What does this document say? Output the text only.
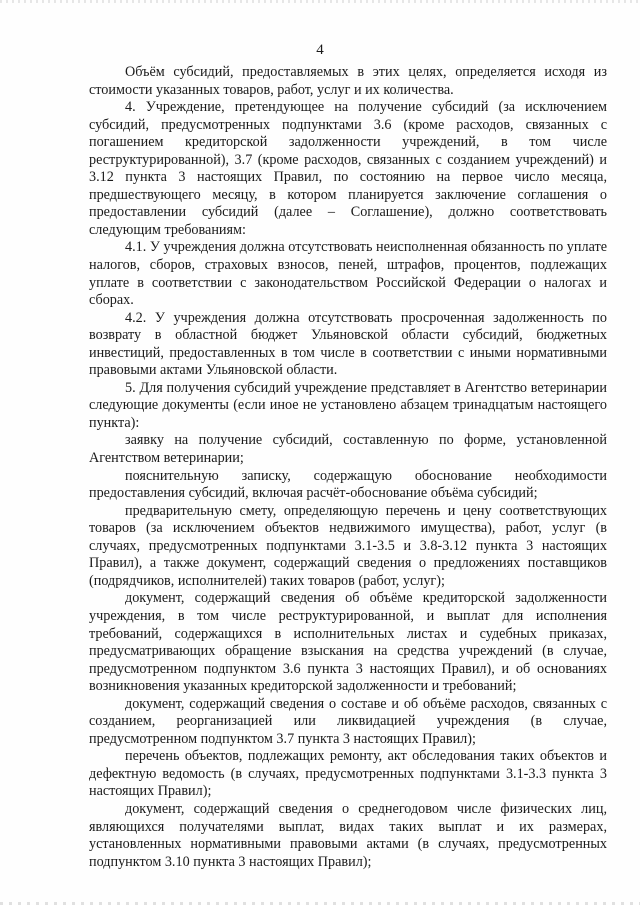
4

Объём субсидий, предоставляемых в этих целях, определяется исходя из стоимости указанных товаров, работ, услуг и их количества.

4. Учреждение, претендующее на получение субсидий (за исключением субсидий, предусмотренных подпунктами 3.6 (кроме расходов, связанных с погашением кредиторской задолженности учреждений, в том числе реструктурированной), 3.7 (кроме расходов, связанных с созданием учреждений) и 3.12 пункта 3 настоящих Правил, по состоянию на первое число месяца, предшествующего месяцу, в котором планируется заключение соглашения о предоставлении субсидий (далее – Соглашение), должно соответствовать следующим требованиям:

4.1. У учреждения должна отсутствовать неисполненная обязанность по уплате налогов, сборов, страховых взносов, пеней, штрафов, процентов, подлежащих уплате в соответствии с законодательством Российской Федерации о налогах и сборах.

4.2. У учреждения должна отсутствовать просроченная задолженность по возврату в областной бюджет Ульяновской области субсидий, бюджетных инвестиций, предоставленных в том числе в соответствии с иными нормативными правовыми актами Ульяновской области.

5. Для получения субсидий учреждение представляет в Агентство ветеринарии следующие документы (если иное не установлено абзацем тринадцатым настоящего пункта):

заявку на получение субсидий, составленную по форме, установленной Агентством ветеринарии;

пояснительную записку, содержащую обоснование необходимости предоставления субсидий, включая расчёт-обоснование объёма субсидий;

предварительную смету, определяющую перечень и цену соответствующих товаров (за исключением объектов недвижимого имущества), работ, услуг (в случаях, предусмотренных подпунктами 3.1-3.5 и 3.8-3.12 пункта 3 настоящих Правил), а также документ, содержащий сведения о предложениях поставщиков (подрядчиков, исполнителей) таких товаров (работ, услуг);

документ, содержащий сведения об объёме кредиторской задолженности учреждения, в том числе реструктурированной, и выплат для исполнения требований, содержащихся в исполнительных листах и судебных приказах, предусматривающих обращение взыскания на средства учреждений (в случае, предусмотренном подпунктом 3.6 пункта 3 настоящих Правил), и об основаниях возникновения указанных кредиторской задолженности и требований;

документ, содержащий сведения о составе и об объёме расходов, связанных с созданием, реорганизацией или ликвидацией учреждения (в случае, предусмотренном подпунктом 3.7 пункта 3 настоящих Правил);

перечень объектов, подлежащих ремонту, акт обследования таких объектов и дефектную ведомость (в случаях, предусмотренных подпунктами 3.1-3.3 пункта 3 настоящих Правил);

документ, содержащий сведения о среднегодовом числе физических лиц, являющихся получателями выплат, видах таких выплат и их размерах, установленных нормативными правовыми актами (в случаях, предусмотренных подпунктом 3.10 пункта 3 настоящих Правил);
